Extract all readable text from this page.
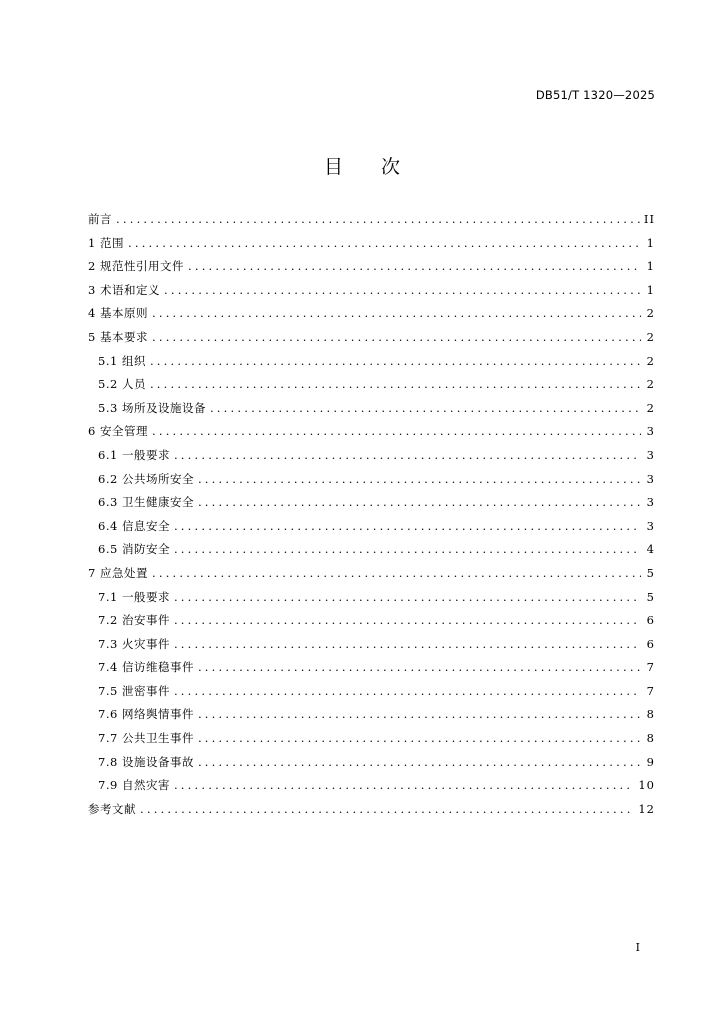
DB51/T 1320—2025
目次
前言 .....	II
1 范围 .....	1
2 规范性引用文件 .....	1
3 术语和定义 .....	1
4 基本原则 .....	2
5 基本要求 .....	2
5.1 组织 .....	2
5.2 人员 .....	2
5.3 场所及设施设备 .....	2
6 安全管理 .....	3
6.1 一般要求 .....	3
6.2 公共场所安全 .....	3
6.3 卫生健康安全 .....	3
6.4 信息安全 .....	3
6.5 消防安全 .....	4
7 应急处置 .....	5
7.1 一般要求 .....	5
7.2 治安事件 .....	6
7.3 火灾事件 .....	6
7.4 信访维稳事件 .....	7
7.5 泄密事件 .....	7
7.6 网络舆情事件 .....	8
7.7 公共卫生事件 .....	8
7.8 设施设备事故 .....	9
7.9 自然灾害 .....	10
参考文献 .....	12
I
